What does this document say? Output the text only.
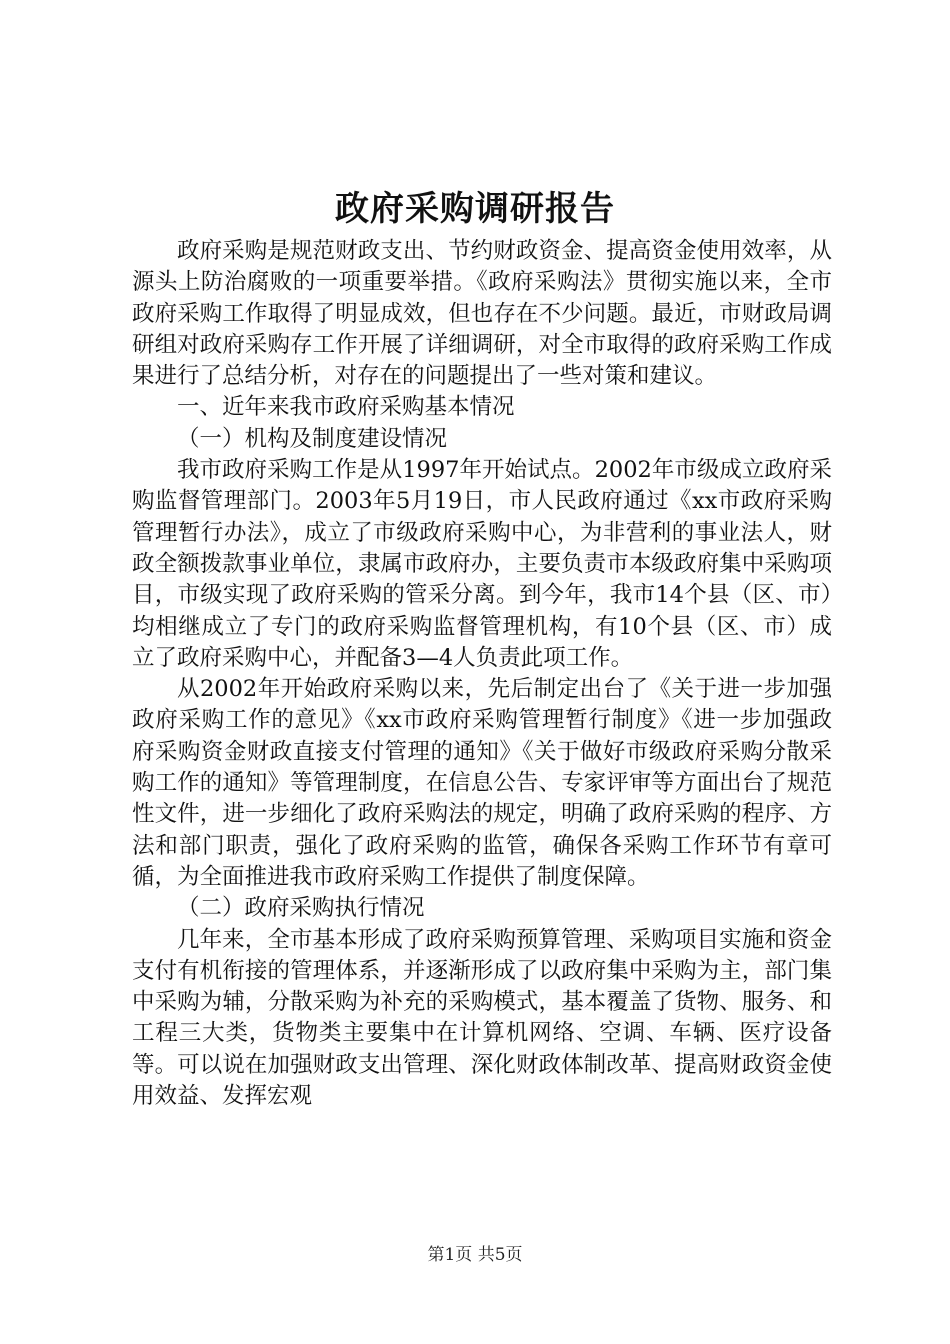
政府采购调研报告

政府采购是规范财政支出、节约财政资金、提高资金使用效率，从源头上防治腐败的一项重要举措。《政府采购法》贯彻实施以来，全市政府采购工作取得了明显成效，但也存在不少问题。最近，市财政局调研组对政府采购存工作开展了详细调研，对全市取得的政府采购工作成果进行了总结分析，对存在的问题提出了一些对策和建议。

一、近年来我市政府采购基本情况

（一）机构及制度建设情况

我市政府采购工作是从1997年开始试点。2002年市级成立政府采购监督管理部门。2003年5月19日，市人民政府通过《xx市政府采购管理暂行办法》，成立了市级政府采购中心，为非营利的事业法人，财政全额拨款事业单位，隶属市政府办，主要负责市本级政府集中采购项目，市级实现了政府采购的管采分离。到今年，我市14个县（区、市）均相继成立了专门的政府采购监督管理机构，有10个县（区、市）成立了政府采购中心，并配备3—4人负责此项工作。

从2002年开始政府采购以来，先后制定出台了《关于进一步加强政府采购工作的意见》《xx市政府采购管理暂行制度》《进一步加强政府采购资金财政直接支付管理的通知》《关于做好市级政府采购分散采购工作的通知》等管理制度，在信息公告、专家评审等方面出台了规范性文件，进一步细化了政府采购法的规定，明确了政府采购的程序、方法和部门职责，强化了政府采购的监管，确保各采购工作环节有章可循，为全面推进我市政府采购工作提供了制度保障。

（二）政府采购执行情况

几年来，全市基本形成了政府采购预算管理、采购项目实施和资金支付有机衔接的管理体系，并逐渐形成了以政府集中采购为主，部门集中采购为辅，分散采购为补充的采购模式，基本覆盖了货物、服务、和工程三大类，货物类主要集中在计算机网络、空调、车辆、医疗设备等。可以说在加强财政支出管理、深化财政体制改革、提高财政资金使用效益、发挥宏观

第1页 共5页
